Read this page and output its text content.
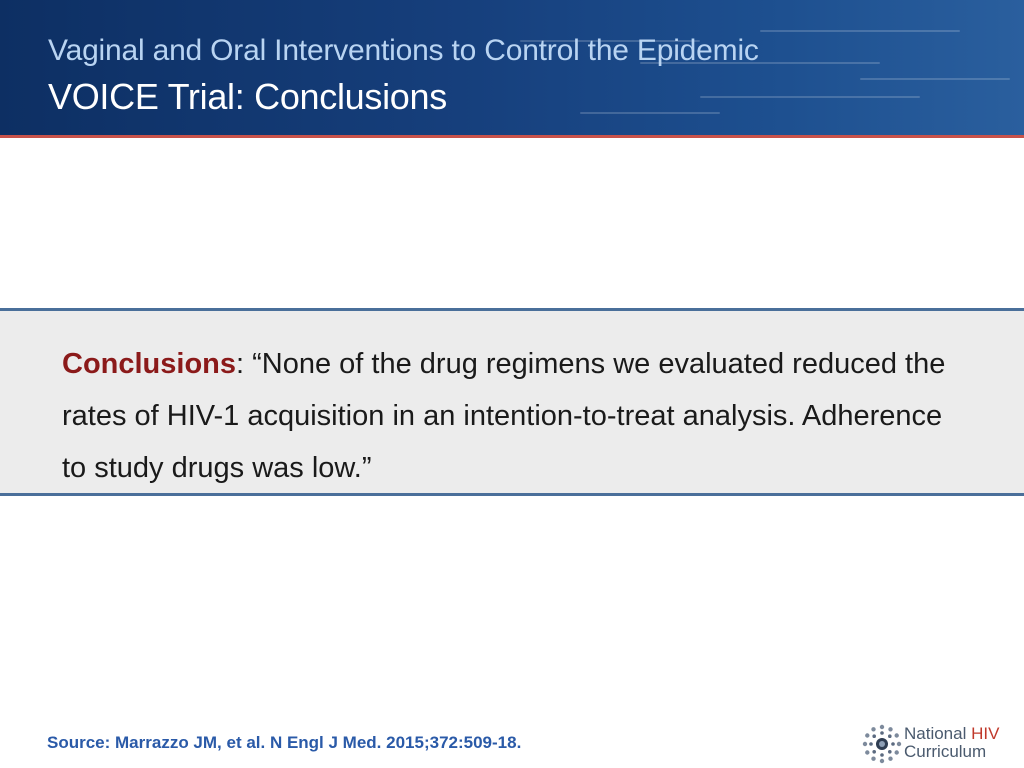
Vaginal and Oral Interventions to Control the Epidemic
VOICE Trial: Conclusions
Conclusions: “None of the drug regimens we evaluated reduced the rates of HIV-1 acquisition in an intention-to-treat analysis. Adherence to study drugs was low.”
Source: Marrazzo JM, et al. N Engl J Med. 2015;372:509-18.	National HIV
Curriculum
